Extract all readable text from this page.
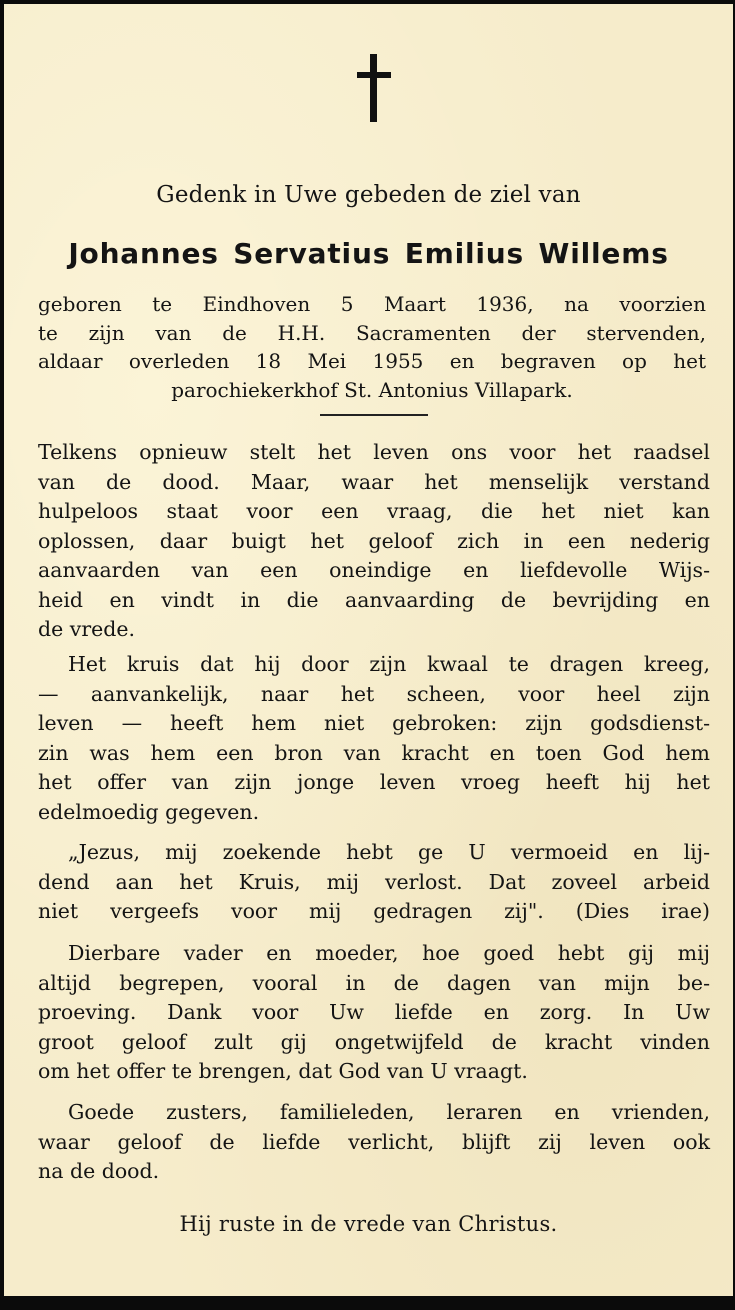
Gedenk in Uwe gebeden de ziel van
Johannes Servatius Emilius Willems
geboren te Eindhoven 5 Maart 1936, na voorzien
te zijn van de H.H. Sacramenten der stervenden,
aldaar overleden 18 Mei 1955 en begraven op het
parochiekerkhof St. Antonius Villapark.
Telkens opnieuw stelt het leven ons voor het raadsel
van de dood. Maar, waar het menselijk verstand
hulpeloos staat voor een vraag, die het niet kan
oplossen, daar buigt het geloof zich in een nederig
aanvaarden van een oneindige en liefdevolle Wijs-
heid en vindt in die aanvaarding de bevrijding en
de vrede.
Het kruis dat hij door zijn kwaal te dragen kreeg,
— aanvankelijk, naar het scheen, voor heel zijn
leven — heeft hem niet gebroken: zijn godsdienst-
zin was hem een bron van kracht en toen God hem
het offer van zijn jonge leven vroeg heeft hij het
edelmoedig gegeven.
„Jezus, mij zoekende hebt ge U vermoeid en lij-
dend aan het Kruis, mij verlost. Dat zoveel arbeid
niet vergeefs voor mij gedragen zij". (Dies irae)
Dierbare vader en moeder, hoe goed hebt gij mij
altijd begrepen, vooral in de dagen van mijn be-
proeving. Dank voor Uw liefde en zorg. In Uw
groot geloof zult gij ongetwijfeld de kracht vinden
om het offer te brengen, dat God van U vraagt.
Goede zusters, familieleden, leraren en vrienden,
waar geloof de liefde verlicht, blijft zij leven ook
na de dood.
Hij ruste in de vrede van Christus.
